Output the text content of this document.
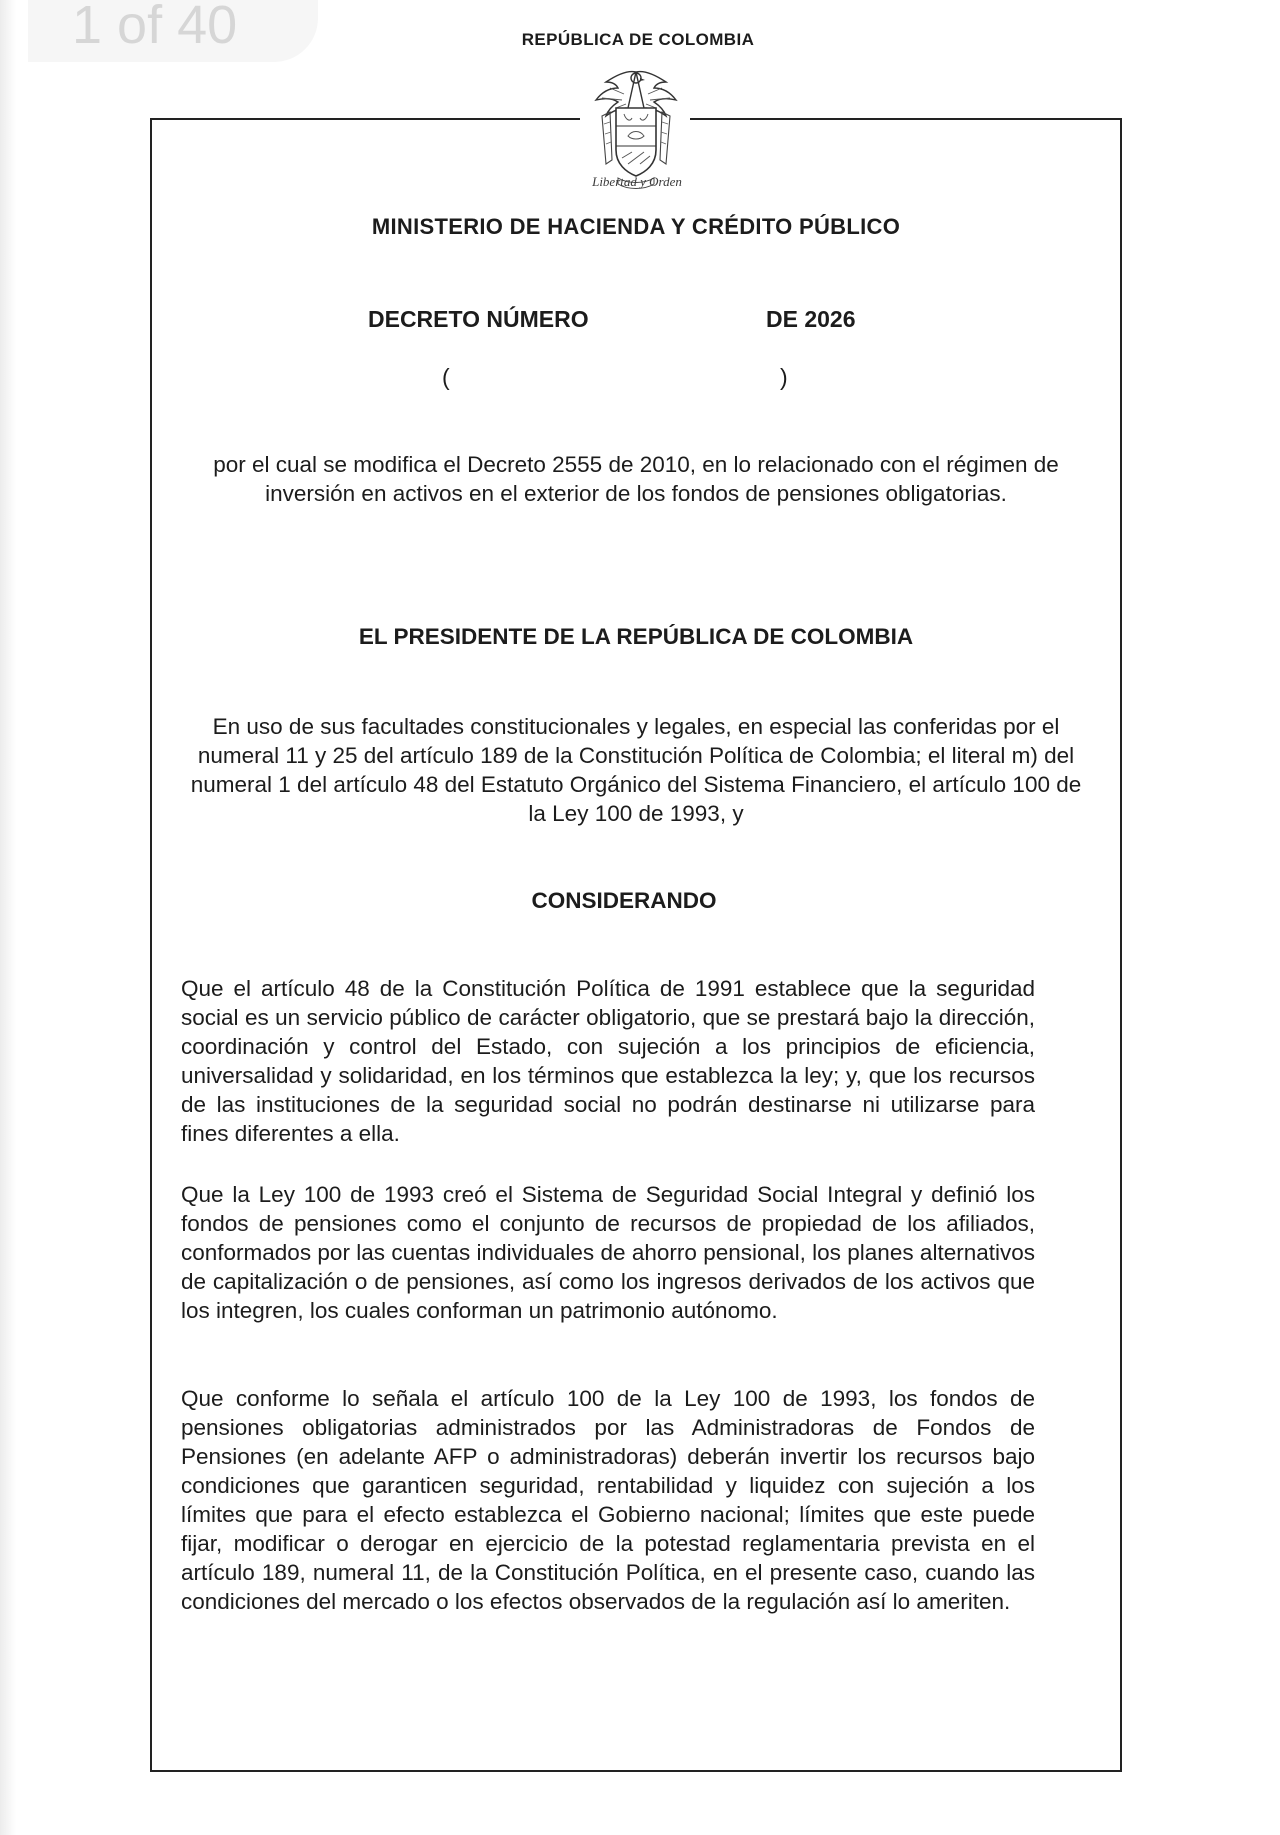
1 of 40	REPÚBLICA DE COLOMBIA
Libertad y Orden
MINISTERIO DE HACIENDA Y CRÉDITO PÚBLICO
DECRETO NÚMERO	DE 2026
(	)
por el cual se modifica el Decreto 2555 de 2010, en lo relacionado con el régimen de inversión en activos en el exterior de los fondos de pensiones obligatorias.
EL PRESIDENTE DE LA REPÚBLICA DE COLOMBIA
En uso de sus facultades constitucionales y legales, en especial las conferidas por el numeral 11 y 25 del artículo 189 de la Constitución Política de Colombia; el literal m) del numeral 1 del artículo 48 del Estatuto Orgánico del Sistema Financiero, el artículo 100 de la Ley 100 de 1993, y
CONSIDERANDO
Que el artículo 48 de la Constitución Política de 1991 establece que la seguridad social es un servicio público de carácter obligatorio, que se prestará bajo la dirección, coordinación y control del Estado, con sujeción a los principios de eficiencia, universalidad y solidaridad, en los términos que establezca la ley; y, que los recursos de las instituciones de la seguridad social no podrán destinarse ni utilizarse para fines diferentes a ella.
Que la Ley 100 de 1993 creó el Sistema de Seguridad Social Integral y definió los fondos de pensiones como el conjunto de recursos de propiedad de los afiliados, conformados por las cuentas individuales de ahorro pensional, los planes alternativos de capitalización o de pensiones, así como los ingresos derivados de los activos que los integren, los cuales conforman un patrimonio autónomo.
Que conforme lo señala el artículo 100 de la Ley 100 de 1993, los fondos de pensiones obligatorias administrados por las Administradoras de Fondos de Pensiones (en adelante AFP o administradoras) deberán invertir los recursos bajo condiciones que garanticen seguridad, rentabilidad y liquidez con sujeción a los límites que para el efecto establezca el Gobierno nacional; límites que este puede fijar, modificar o derogar en ejercicio de la potestad reglamentaria prevista en el artículo 189, numeral 11, de la Constitución Política, en el presente caso, cuando las condiciones del mercado o los efectos observados de la regulación así lo ameriten.
